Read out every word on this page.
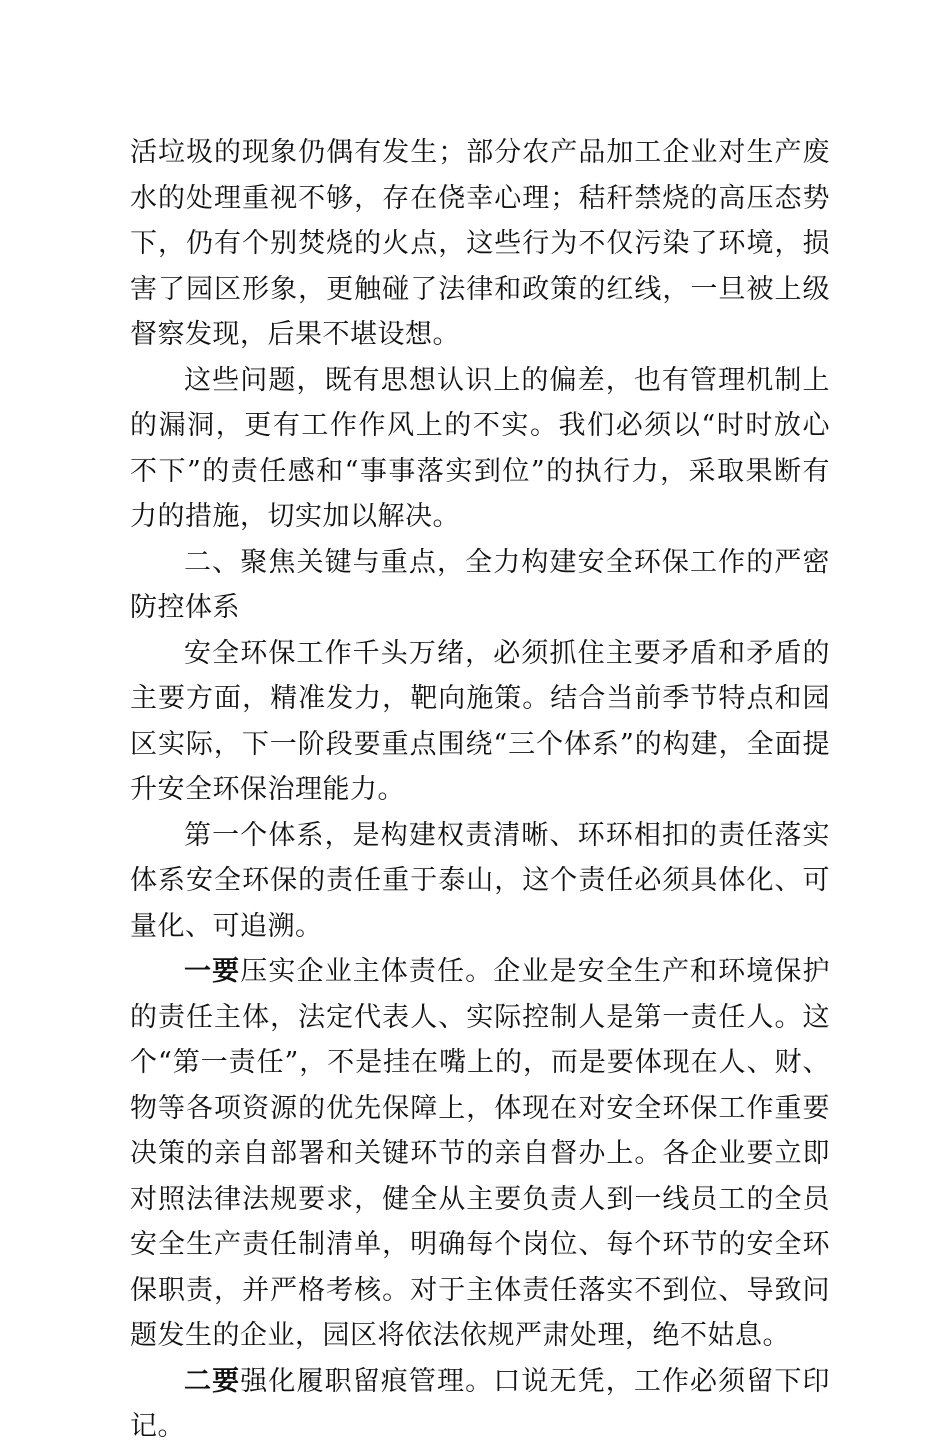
活垃圾的现象仍偶有发生；部分农产品加工企业对生产废水的处理重视不够，存在侥幸心理；秸秆禁烧的高压态势下，仍有个别焚烧的火点，这些行为不仅污染了环境，损害了园区形象，更触碰了法律和政策的红线，一旦被上级督察发现，后果不堪设想。

这些问题，既有思想认识上的偏差，也有管理机制上的漏洞，更有工作作风上的不实。我们必须以“时时放心不下”的责任感和“事事落实到位”的执行力，采取果断有力的措施，切实加以解决。

二、聚焦关键与重点，全力构建安全环保工作的严密防控体系

安全环保工作千头万绪，必须抓住主要矛盾和矛盾的主要方面，精准发力，靶向施策。结合当前季节特点和园区实际，下一阶段要重点围绕“三个体系”的构建，全面提升安全环保治理能力。

第一个体系，是构建权责清晰、环环相扣的责任落实体系安全环保的责任重于泰山，这个责任必须具体化、可量化、可追溯。

一要压实企业主体责任。企业是安全生产和环境保护的责任主体，法定代表人、实际控制人是第一责任人。这个“第一责任”，不是挂在嘴上的，而是要体现在人、财、物等各项资源的优先保障上，体现在对安全环保工作重要决策的亲自部署和关键环节的亲自督办上。各企业要立即对照法律法规要求，健全从主要负责人到一线员工的全员安全生产责任制清单，明确每个岗位、每个环节的安全环保职责，并严格考核。对于主体责任落实不到位、导致问题发生的企业，园区将依法依规严肃处理，绝不姑息。

二要强化履职留痕管理。口说无凭，工作必须留下印记。
